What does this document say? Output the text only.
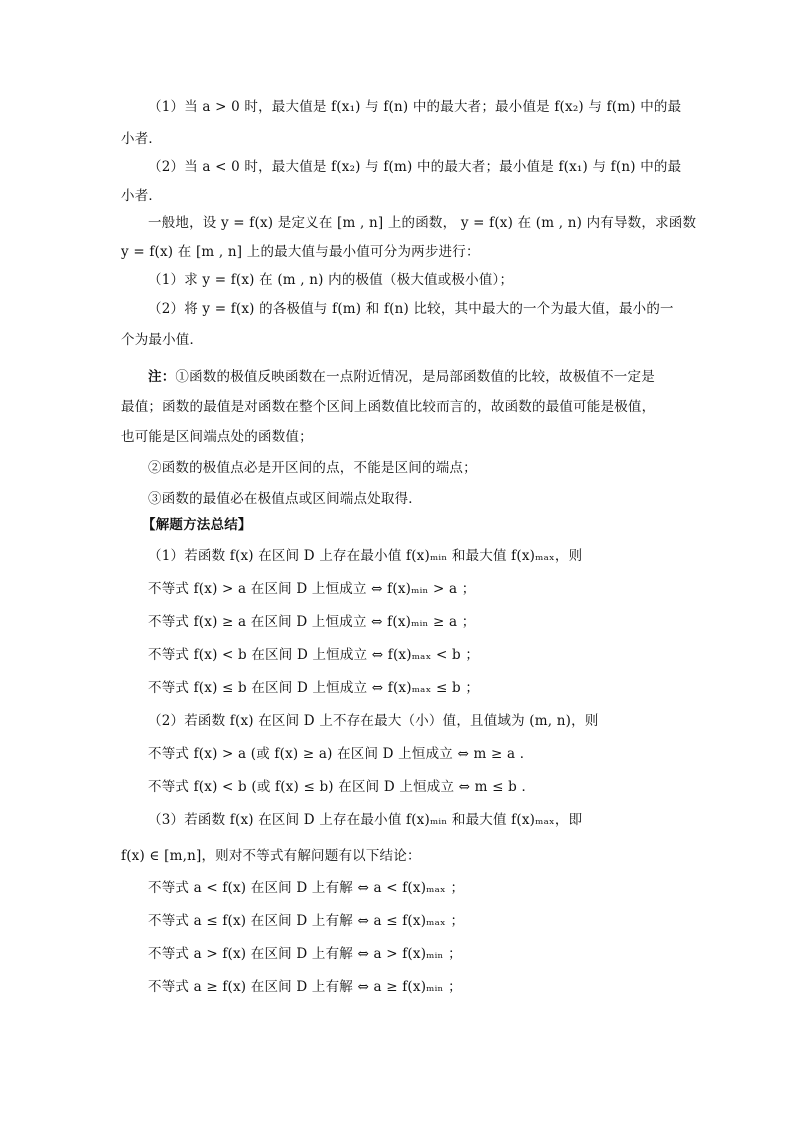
（1）当 a > 0 时，最大值是 f(x₁) 与 f(n) 中的最大者；最小值是 f(x₂) 与 f(m) 中的最
小者．
（2）当 a < 0 时，最大值是 f(x₂) 与 f(m) 中的最大者；最小值是 f(x₁) 与 f(n) 中的最
小者．
一般地，设 y = f(x) 是定义在 [m , n] 上的函数， y = f(x) 在 (m , n) 内有导数，求函数
y = f(x) 在 [m , n] 上的最大值与最小值可分为两步进行：
（1）求 y = f(x) 在 (m , n) 内的极值（极大值或极小值）；
（2）将 y = f(x) 的各极值与 f(m) 和 f(n) 比较，其中最大的一个为最大值，最小的一
个为最小值．
注：①函数的极值反映函数在一点附近情况，是局部函数值的比较，故极值不一定是
最值；函数的最值是对函数在整个区间上函数值比较而言的，故函数的最值可能是极值，
也可能是区间端点处的函数值；
②函数的极值点必是开区间的点，不能是区间的端点；
③函数的最值必在极值点或区间端点处取得．
【解题方法总结】
（1）若函数 f(x) 在区间 D 上存在最小值 f(x)ₘᵢₙ 和最大值 f(x)ₘₐₓ，则
不等式 f(x) > a 在区间 D 上恒成立 ⇔ f(x)ₘᵢₙ > a ；
不等式 f(x) ≥ a 在区间 D 上恒成立 ⇔ f(x)ₘᵢₙ ≥ a ；
不等式 f(x) < b 在区间 D 上恒成立 ⇔ f(x)ₘₐₓ < b ；
不等式 f(x) ≤ b 在区间 D 上恒成立 ⇔ f(x)ₘₐₓ ≤ b ；
（2）若函数 f(x) 在区间 D 上不存在最大（小）值，且值域为 (m, n)，则
不等式 f(x) > a (或 f(x) ≥ a) 在区间 D 上恒成立 ⇔ m ≥ a ．
不等式 f(x) < b (或 f(x) ≤ b) 在区间 D 上恒成立 ⇔ m ≤ b ．
（3）若函数 f(x) 在区间 D 上存在最小值 f(x)ₘᵢₙ 和最大值 f(x)ₘₐₓ，即
f(x) ∈ [m,n]，则对不等式有解问题有以下结论：
不等式 a < f(x) 在区间 D 上有解 ⇔ a < f(x)ₘₐₓ ；
不等式 a ≤ f(x) 在区间 D 上有解 ⇔ a ≤ f(x)ₘₐₓ ；
不等式 a > f(x) 在区间 D 上有解 ⇔ a > f(x)ₘᵢₙ ；
不等式 a ≥ f(x) 在区间 D 上有解 ⇔ a ≥ f(x)ₘᵢₙ ；
